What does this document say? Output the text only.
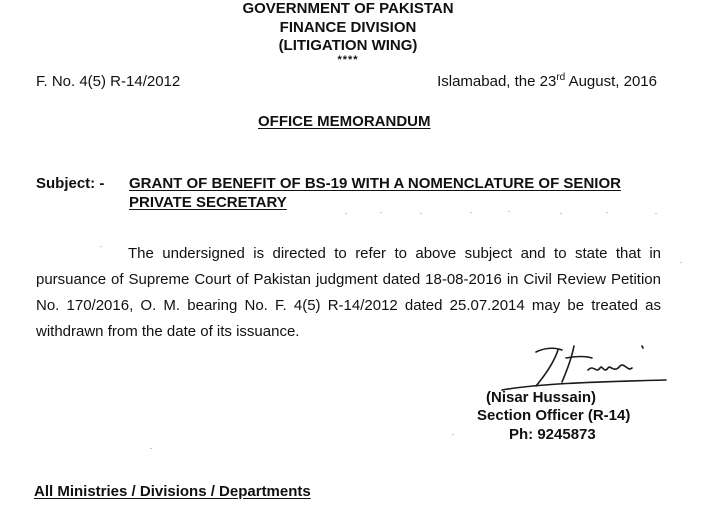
GOVERNMENT OF PAKISTAN
FINANCE DIVISION
(LITIGATION WING)
****
F. No. 4(5) R-14/2012	Islamabad, the 23rd August, 2016
OFFICE MEMORANDUM
Subject: - GRANT OF BENEFIT OF BS-19 WITH A NOMENCLATURE OF SENIOR
PRIVATE SECRETARY
The undersigned is directed to refer to above subject and to state that in pursuance of Supreme Court of Pakistan judgment dated 18-08-2016 in Civil Review Petition No. 170/2016, O. M. bearing No. F. 4(5) R-14/2012 dated 25.07.2014 may be treated as withdrawn from the date of its issuance.
(Nisar Hussain)
Section Officer (R-14)
Ph: 9245873
All Ministries / Divisions / Departments
